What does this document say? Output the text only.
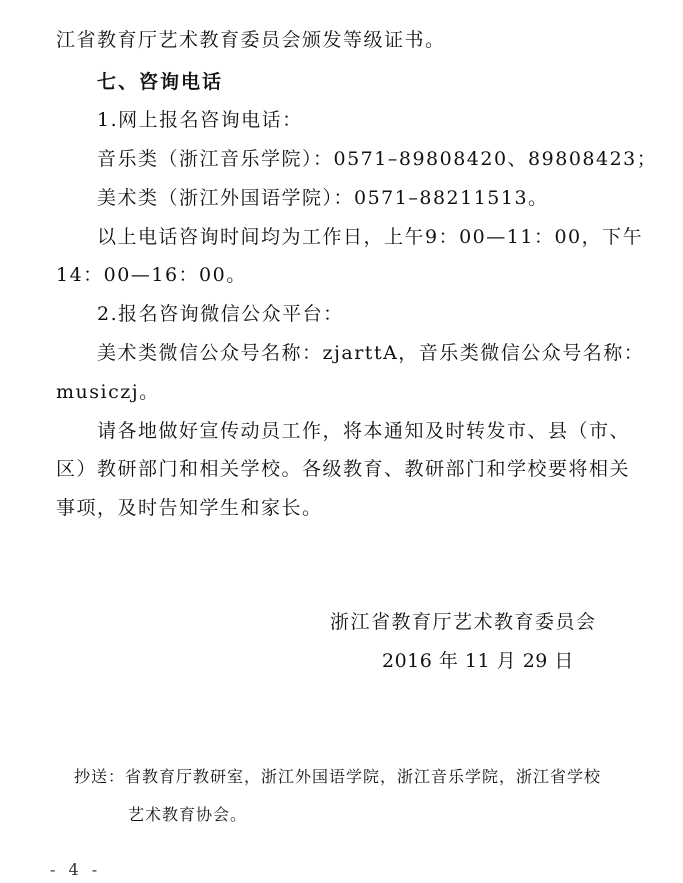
江省教育厅艺术教育委员会颁发等级证书。
七、咨询电话
1.网上报名咨询电话：
音乐类（浙江音乐学院）：0571–89808420、89808423；
美术类（浙江外国语学院）：0571–88211513。
以上电话咨询时间均为工作日，上午9：00—11：00，下午
14：00—16：00。
2.报名咨询微信公众平台：
美术类微信公众号名称：zjarttA，音乐类微信公众号名称：
musiczj。
请各地做好宣传动员工作，将本通知及时转发市、县（市、
区）教研部门和相关学校。各级教育、教研部门和学校要将相关
事项，及时告知学生和家长。
浙江省教育厅艺术教育委员会
2016 年 11 月 29 日
抄送：省教育厅教研室，浙江外国语学院，浙江音乐学院，浙江省学校
艺术教育协会。
- 4 -
